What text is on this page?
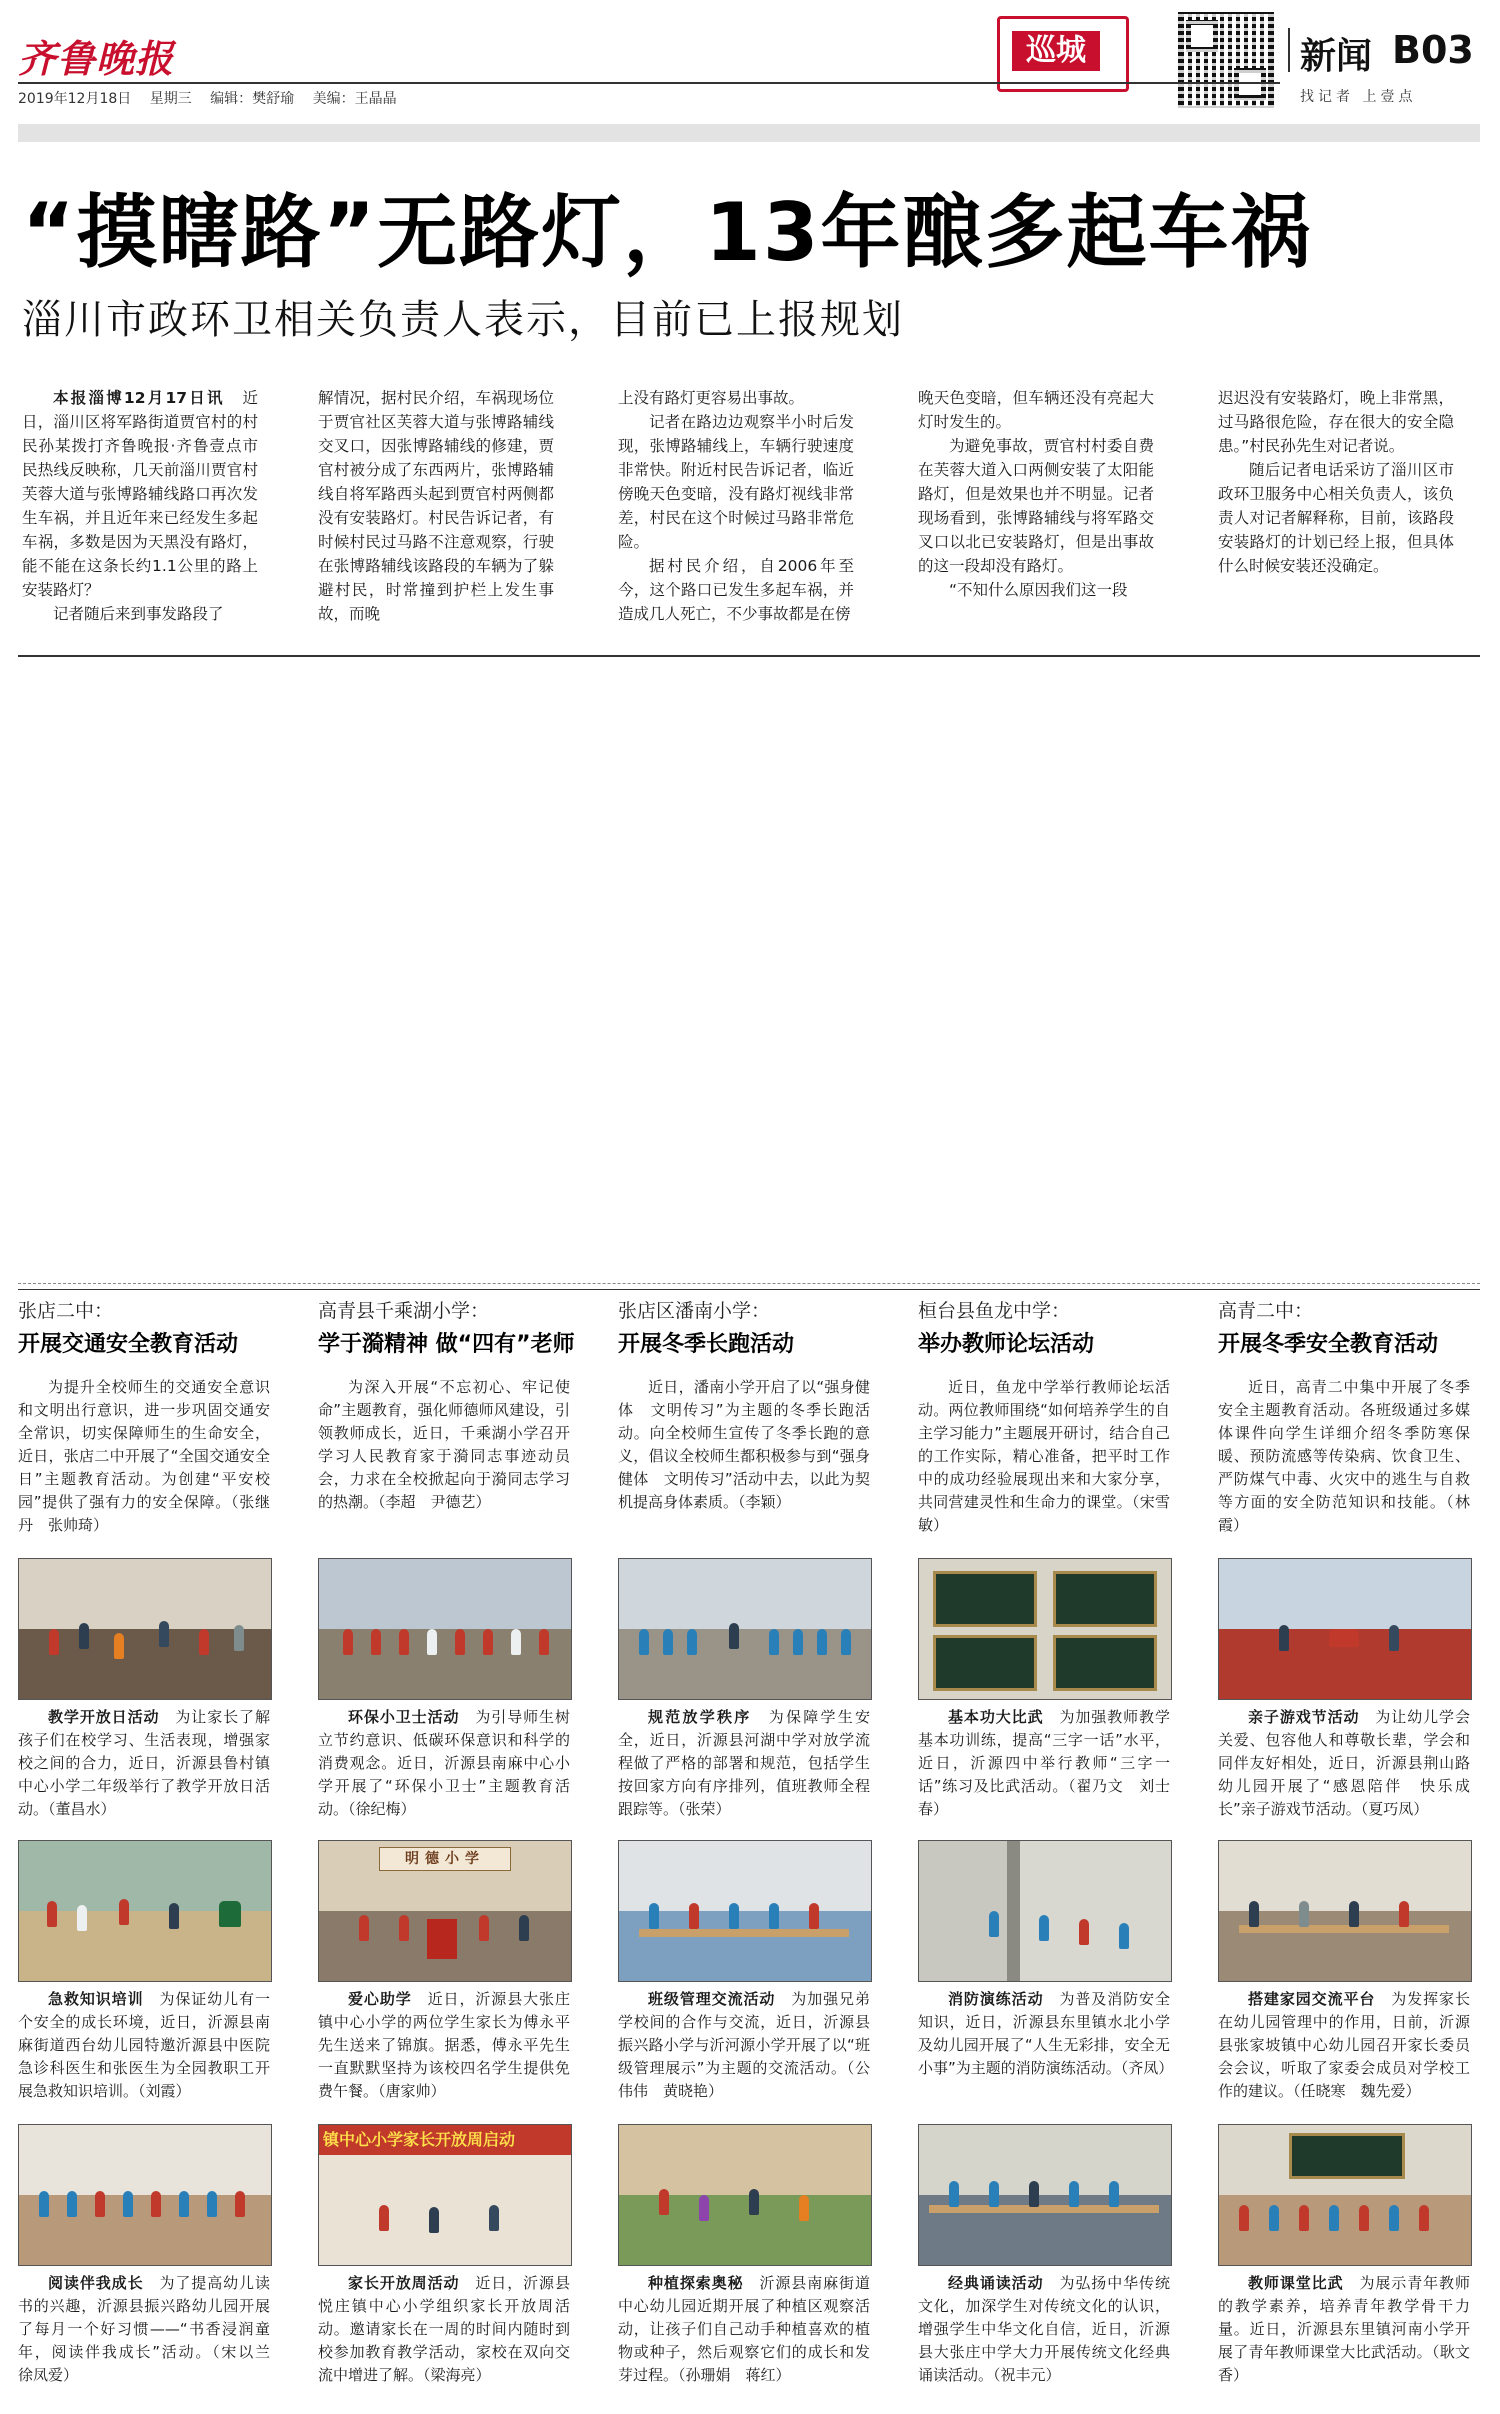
齐鲁晚报	巡城	新闻 B03
找记者 上壹点
2019年12月18日 星期三 编辑：樊舒瑜 美编：王晶晶
“摸瞎路”无路灯，13年酿多起车祸
淄川市政环卫相关负责人表示，目前已上报规划

本报淄博12月17日讯　 近日，淄川区将军路街道贾官村的村民孙某拨打齐鲁晚报·齐鲁壹点市民热线反映称，几天前淄川贾官村芙蓉大道与张博路辅线路口再次发生车祸，并且近年来已经发生多起车祸，多数是因为天黑没有路灯，能不能在这条长约1.1公里的路上安装路灯？

记者随后来到事发路段了

解情况，据村民介绍，车祸现场位于贾官社区芙蓉大道与张博路辅线交叉口，因张博路辅线的修建，贾官村被分成了东西两片，张博路辅线自将军路西头起到贾官村两侧都没有安装路灯。村民告诉记者，有时候村民过马路不注意观察，行驶在张博路辅线该路段的车辆为了躲避村民，时常撞到护栏上发生事故，而晚

上没有路灯更容易出事故。

记者在路边边观察半小时后发现，张博路辅线上，车辆行驶速度非常快。附近村民告诉记者，临近傍晚天色变暗，没有路灯视线非常差，村民在这个时候过马路非常危险。

据村民介绍，自2006年至今，这个路口已发生多起车祸，并造成几人死亡，不少事故都是在傍

晚天色变暗，但车辆还没有亮起大灯时发生的。

为避免事故，贾官村村委自费在芙蓉大道入口两侧安装了太阳能路灯，但是效果也并不明显。记者现场看到，张博路辅线与将军路交叉口以北已安装路灯，但是出事故的这一段却没有路灯。

“不知什么原因我们这一段

迟迟没有安装路灯，晚上非常黑，过马路很危险，存在很大的安全隐患。”村民孙先生对记者说。

随后记者电话采访了淄川区市政环卫服务中心相关负责人，该负责人对记者解释称，目前，该路段安装路灯的计划已经上报，但具体什么时候安装还没确定。

张店二中：
开展交通安全教育活动

为提升全校师生的交通安全意识和文明出行意识，进一步巩固交通安全常识，切实保障师生的生命安全，近日，张店二中开展了“全国交通安全日”主题教育活动。为创建“平安校园”提供了强有力的安全保障。（张继丹　张帅琦）

教学开放日活动　 为让家长了解孩子们在校学习、生活表现，增强家校之间的合力，近日，沂源县鲁村镇中心小学二年级举行了教学开放日活动。（董昌水）

急救知识培训　 为保证幼儿有一个安全的成长环境，近日，沂源县南麻街道西台幼儿园特邀沂源县中医院急诊科医生和张医生为全园教职工开展急救知识培训。（刘霞）

阅读伴我成长　 为了提高幼儿读书的兴趣，沂源县振兴路幼儿园开展了每月一个好习惯——“书香浸润童年，阅读伴我成长”活动。（宋以兰　徐凤爱）

高青县千乘湖小学：
学于漪精神 做“四有”老师

为深入开展“不忘初心、牢记使命”主题教育，强化师德师风建设，引领教师成长，近日，千乘湖小学召开学习人民教育家于漪同志事迹动员会，力求在全校掀起向于漪同志学习的热潮。（李超　尹德艺）

环保小卫士活动　 为引导师生树立节约意识、低碳环保意识和科学的消费观念。近日，沂源县南麻中心小学开展了“环保小卫士”主题教育活动。（徐纪梅）

明德小学

爱心助学　 近日，沂源县大张庄镇中心小学的两位学生家长为傅永平先生送来了锦旗。据悉，傅永平先生一直默默坚持为该校四名学生提供免费午餐。（唐家帅）

镇中心小学家长开放周启动

家长开放周活动　 近日，沂源县悦庄镇中心小学组织家长开放周活动。邀请家长在一周的时间内随时到校参加教育教学活动，家校在双向交流中增进了解。（梁海亮）

张店区潘南小学：
开展冬季长跑活动

近日，潘南小学开启了以“强身健体　文明传习”为主题的冬季长跑活动。向全校师生宣传了冬季长跑的意义，倡议全校师生都积极参与到“强身健体　文明传习”活动中去，以此为契机提高身体素质。（李颖）

规范放学秩序　 为保障学生安全，近日，沂源县河湖中学对放学流程做了严格的部署和规范，包括学生按回家方向有序排列，值班教师全程跟踪等。（张荣）

班级管理交流活动　 为加强兄弟学校间的合作与交流，近日，沂源县振兴路小学与沂河源小学开展了以“班级管理展示”为主题的交流活动。（公伟伟　黄晓艳）

种植探索奥秘　 沂源县南麻街道中心幼儿园近期开展了种植区观察活动，让孩子们自己动手种植喜欢的植物或种子，然后观察它们的成长和发芽过程。（孙珊娟　蒋红）

桓台县鱼龙中学：
举办教师论坛活动

近日，鱼龙中学举行教师论坛活动。两位教师围绕“如何培养学生的自主学习能力”主题展开研讨，结合自己的工作实际，精心准备，把平时工作中的成功经验展现出来和大家分享，共同营建灵性和生命力的课堂。（宋雪敏）

基本功大比武　 为加强教师教学基本功训练，提高“三字一话”水平，近日，沂源四中举行教师“三字一话”练习及比武活动。（翟乃文　刘士春）

消防演练活动　 为普及消防安全知识，近日，沂源县东里镇水北小学及幼儿园开展了“人生无彩排，安全无小事”为主题的消防演练活动。（齐凤）

经典诵读活动　 为弘扬中华传统文化，加深学生对传统文化的认识，增强学生中华文化自信，近日，沂源县大张庄中学大力开展传统文化经典诵读活动。（祝丰元）

高青二中：
开展冬季安全教育活动

近日，高青二中集中开展了冬季安全主题教育活动。各班级通过多媒体课件向学生详细介绍冬季防寒保暖、预防流感等传染病、饮食卫生、严防煤气中毒、火灾中的逃生与自救等方面的安全防范知识和技能。（林霞）

亲子游戏节活动　 为让幼儿学会关爱、包容他人和尊敬长辈，学会和同伴友好相处，近日，沂源县荆山路幼儿园开展了“感恩陪伴　快乐成长”亲子游戏节活动。（夏巧凤）

搭建家园交流平台　 为发挥家长在幼儿园管理中的作用，日前，沂源县张家坡镇中心幼儿园召开家长委员会会议，听取了家委会成员对学校工作的建议。（任晓寒　魏先爱）

教师课堂比武　 为展示青年教师的教学素养，培养青年教学骨干力量。近日，沂源县东里镇河南小学开展了青年教师课堂大比武活动。（耿文香）
